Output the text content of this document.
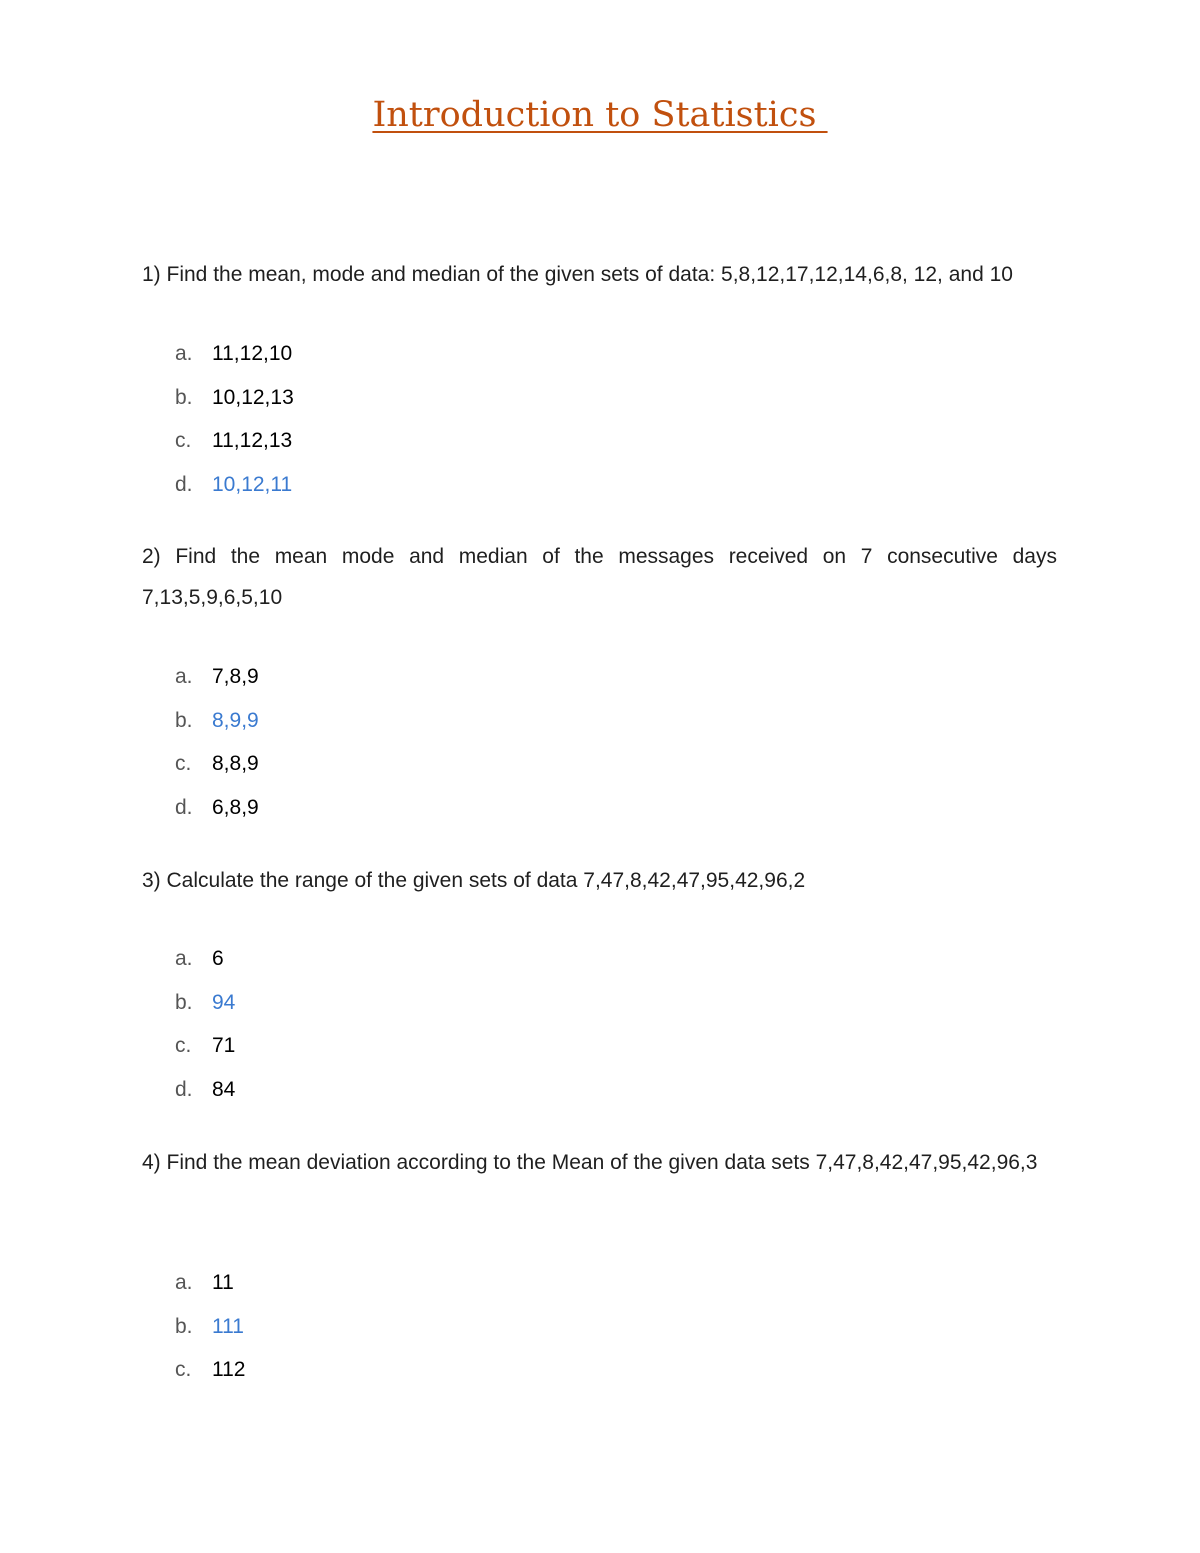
Introduction to Statistics

1) Find the mean, mode and median of the given sets of data: 5,8,12,17,12,14,6,8, 12, and 10

a. 11,12,10
b. 10,12,13
c. 11,12,13
d. 10,12,11

2) Find the mean mode and median of the messages received on 7 consecutive days 7,13,5,9,6,5,10

a. 7,8,9
b. 8,9,9
c. 8,8,9
d. 6,8,9

3) Calculate the range of the given sets of data 7,47,8,42,47,95,42,96,2

a. 6
b. 94
c. 71
d. 84

4) Find the mean deviation according to the Mean of the given data sets 7,47,8,42,47,95,42,96,3

a. 11
b. 111
c. 112
